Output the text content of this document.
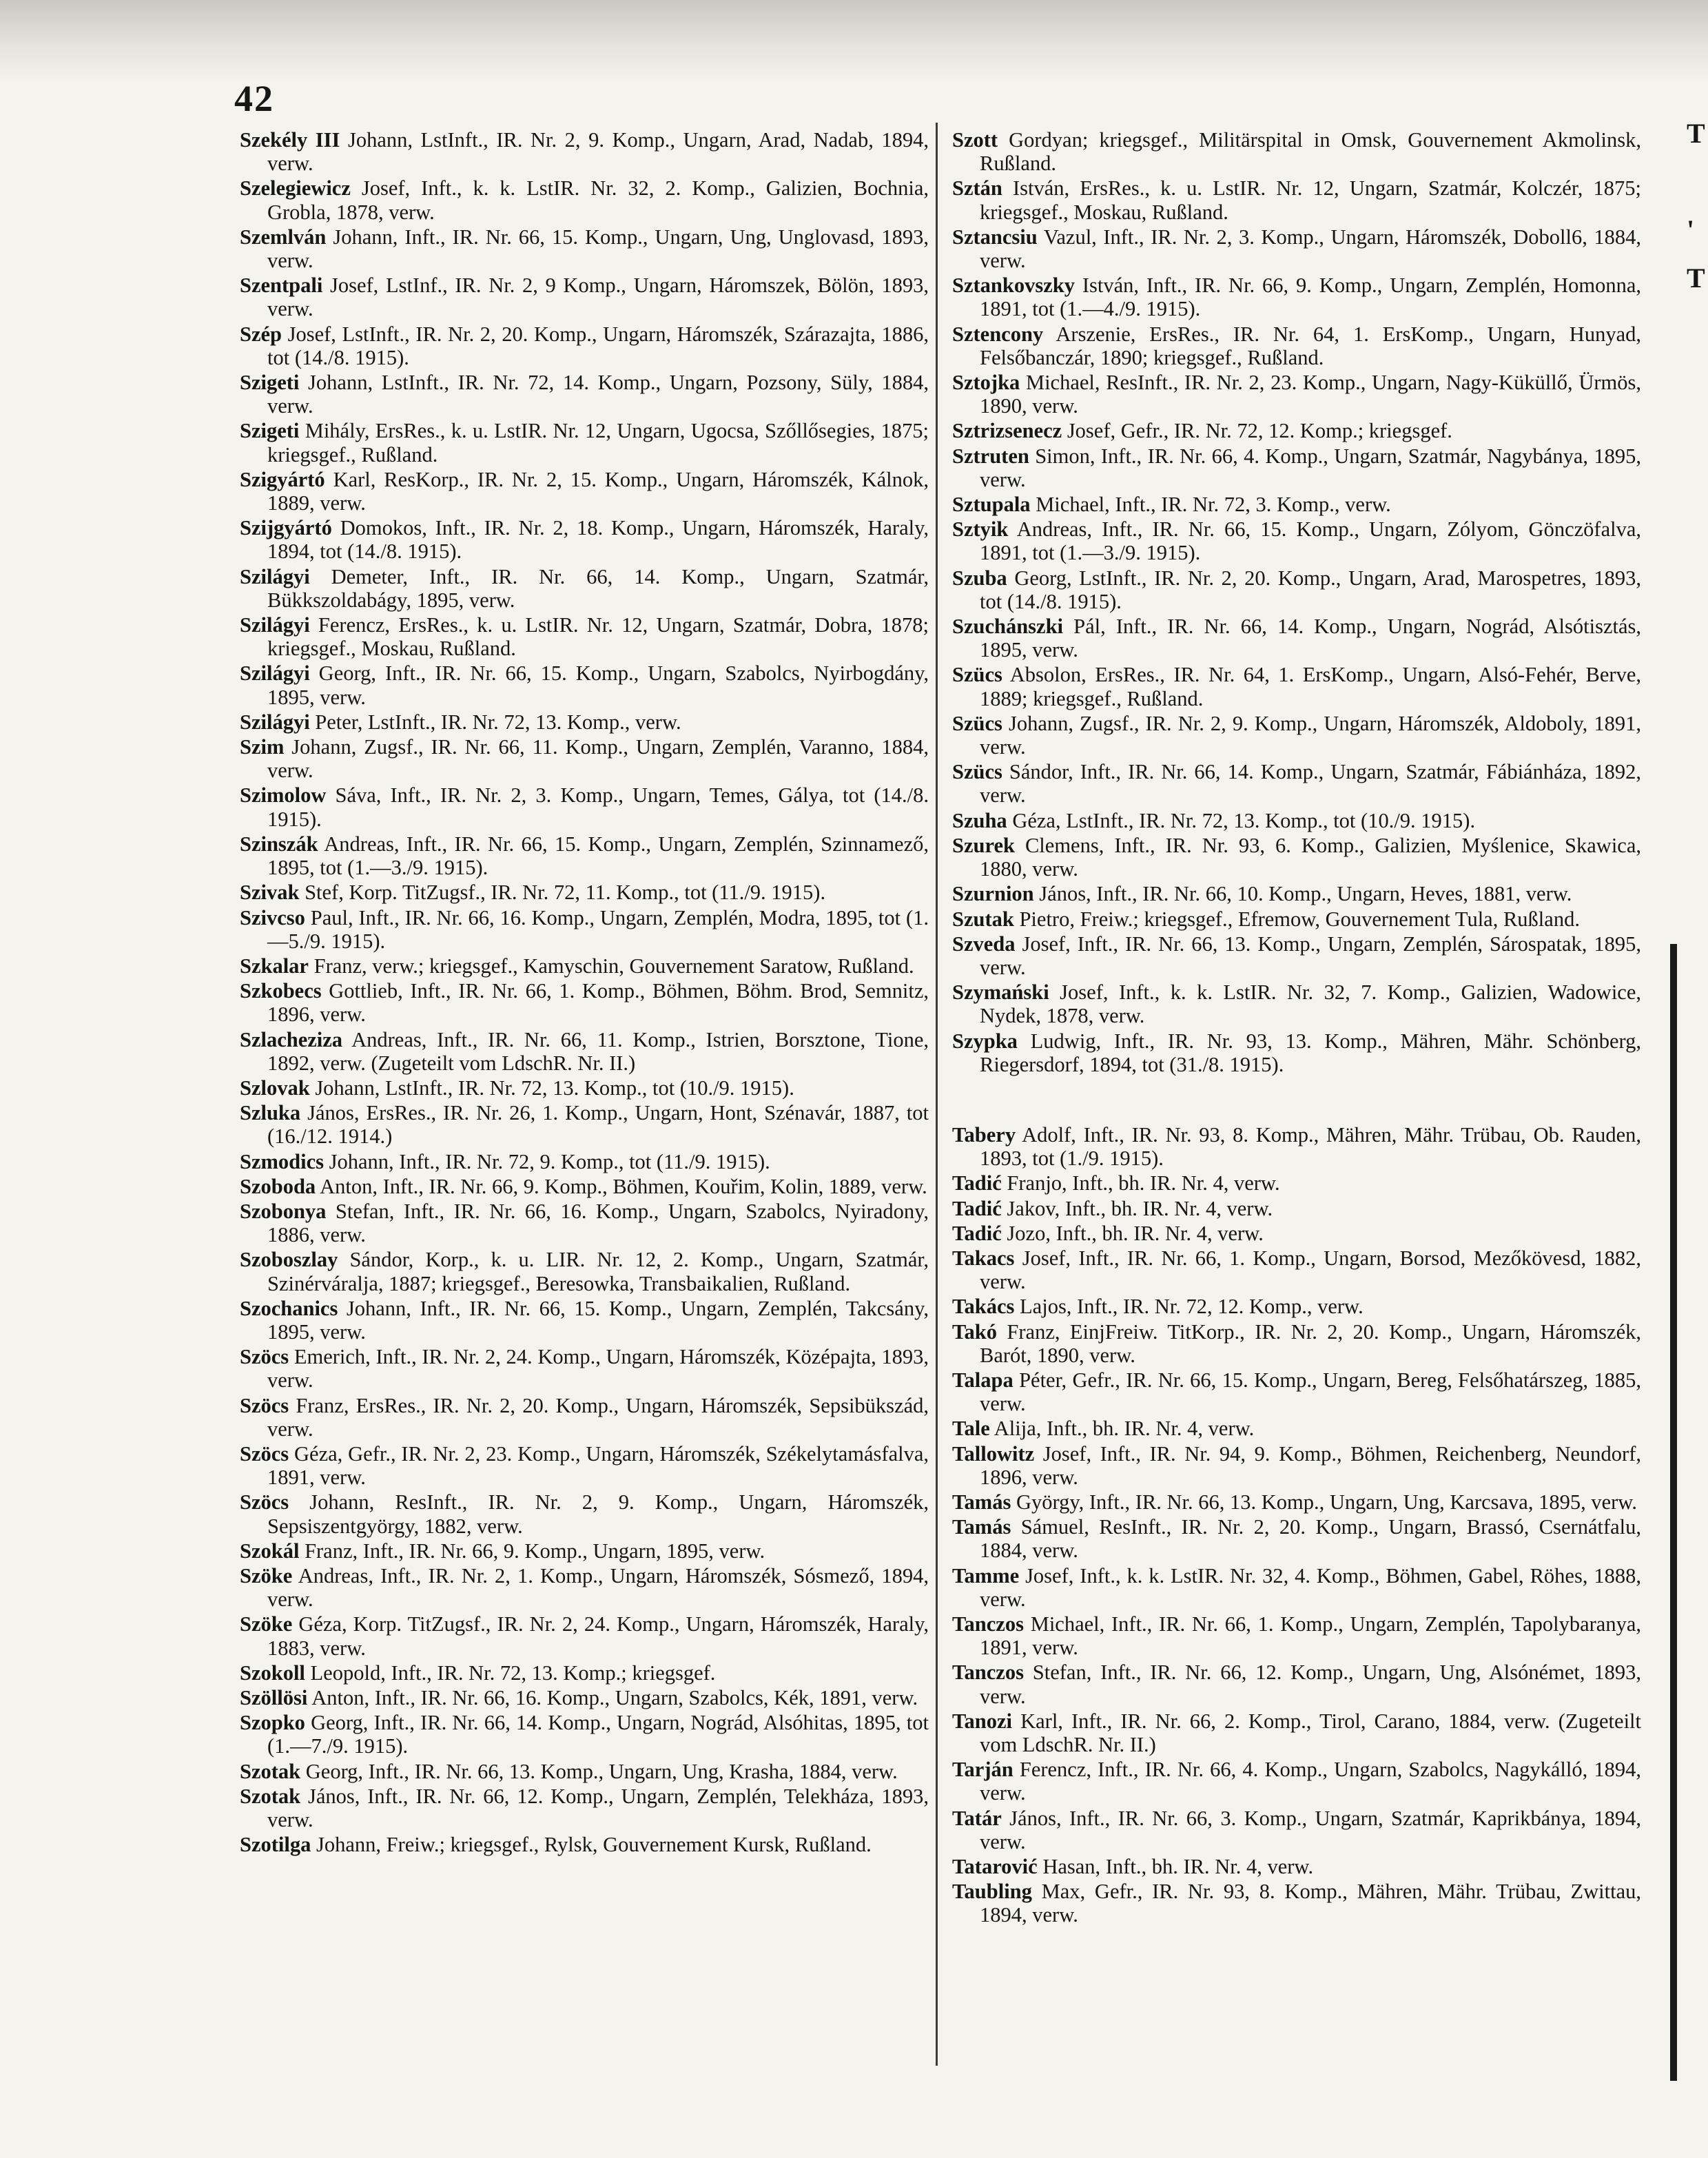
42

Szekély III Johann, LstInft., IR. Nr. 2, 9. Komp., Ungarn, Arad, Nadab, 1894, verw.

Szelegiewicz Josef, Inft., k. k. LstIR. Nr. 32, 2. Komp., Galizien, Bochnia, Grobla, 1878, verw.

Szemlván Johann, Inft., IR. Nr. 66, 15. Komp., Ungarn, Ung, Unglovasd, 1893, verw.

Szentpali Josef, LstInf., IR. Nr. 2, 9 Komp., Ungarn, Háromszek, Bölön, 1893, verw.

Szép Josef, LstInft., IR. Nr. 2, 20. Komp., Ungarn, Háromszék, Szárazajta, 1886, tot (14./8. 1915).

Szigeti Johann, LstInft., IR. Nr. 72, 14. Komp., Ungarn, Pozsony, Süly, 1884, verw.

Szigeti Mihály, ErsRes., k. u. LstIR. Nr. 12, Ungarn, Ugocsa, Szőllősegies, 1875; kriegsgef., Rußland.

Szigyártó Karl, ResKorp., IR. Nr. 2, 15. Komp., Ungarn, Háromszék, Kálnok, 1889, verw.

Szijgyártó Domokos, Inft., IR. Nr. 2, 18. Komp., Ungarn, Háromszék, Haraly, 1894, tot (14./8. 1915).

Szilágyi Demeter, Inft., IR. Nr. 66, 14. Komp., Ungarn, Szatmár, Bükkszoldabágy, 1895, verw.

Szilágyi Ferencz, ErsRes., k. u. LstIR. Nr. 12, Ungarn, Szatmár, Dobra, 1878; kriegsgef., Moskau, Rußland.

Szilágyi Georg, Inft., IR. Nr. 66, 15. Komp., Ungarn, Szabolcs, Nyirbogdány, 1895, verw.

Szilágyi Peter, LstInft., IR. Nr. 72, 13. Komp., verw.

Szim Johann, Zugsf., IR. Nr. 66, 11. Komp., Ungarn, Zemplén, Varanno, 1884, verw.

Szimolow Sáva, Inft., IR. Nr. 2, 3. Komp., Ungarn, Temes, Gálya, tot (14./8. 1915).

Szinszák Andreas, Inft., IR. Nr. 66, 15. Komp., Ungarn, Zemplén, Szinnamező, 1895, tot (1.—3./9. 1915).

Szivak Stef, Korp. TitZugsf., IR. Nr. 72, 11. Komp., tot (11./9. 1915).

Szivcso Paul, Inft., IR. Nr. 66, 16. Komp., Ungarn, Zemplén, Modra, 1895, tot (1.—5./9. 1915).

Szkalar Franz, verw.; kriegsgef., Kamyschin, Gouvernement Saratow, Rußland.

Szkobecs Gottlieb, Inft., IR. Nr. 66, 1. Komp., Böhmen, Böhm. Brod, Semnitz, 1896, verw.

Szlacheziza Andreas, Inft., IR. Nr. 66, 11. Komp., Istrien, Borsztone, Tione, 1892, verw. (Zugeteilt vom LdschR. Nr. II.)

Szlovak Johann, LstInft., IR. Nr. 72, 13. Komp., tot (10./9. 1915).

Szluka János, ErsRes., IR. Nr. 26, 1. Komp., Ungarn, Hont, Szénavár, 1887, tot (16./12. 1914.)

Szmodics Johann, Inft., IR. Nr. 72, 9. Komp., tot (11./9. 1915).

Szoboda Anton, Inft., IR. Nr. 66, 9. Komp., Böhmen, Kouřim, Kolin, 1889, verw.

Szobonya Stefan, Inft., IR. Nr. 66, 16. Komp., Ungarn, Szabolcs, Nyiradony, 1886, verw.

Szoboszlay Sándor, Korp., k. u. LIR. Nr. 12, 2. Komp., Ungarn, Szatmár, Szinérváralja, 1887; kriegsgef., Beresowka, Transbaikalien, Rußland.

Szochanics Johann, Inft., IR. Nr. 66, 15. Komp., Ungarn, Zemplén, Takcsány, 1895, verw.

Szöcs Emerich, Inft., IR. Nr. 2, 24. Komp., Ungarn, Háromszék, Középajta, 1893, verw.

Szöcs Franz, ErsRes., IR. Nr. 2, 20. Komp., Ungarn, Háromszék, Sepsibükszád, verw.

Szöcs Géza, Gefr., IR. Nr. 2, 23. Komp., Ungarn, Háromszék, Székelytamásfalva, 1891, verw.

Szöcs Johann, ResInft., IR. Nr. 2, 9. Komp., Ungarn, Háromszék, Sepsiszentgyörgy, 1882, verw.

Szokál Franz, Inft., IR. Nr. 66, 9. Komp., Ungarn, 1895, verw.

Szöke Andreas, Inft., IR. Nr. 2, 1. Komp., Ungarn, Háromszék, Sósmező, 1894, verw.

Szöke Géza, Korp. TitZugsf., IR. Nr. 2, 24. Komp., Ungarn, Háromszék, Haraly, 1883, verw.

Szokoll Leopold, Inft., IR. Nr. 72, 13. Komp.; kriegsgef.

Szöllösi Anton, Inft., IR. Nr. 66, 16. Komp., Ungarn, Szabolcs, Kék, 1891, verw.

Szopko Georg, Inft., IR. Nr. 66, 14. Komp., Ungarn, Nográd, Alsóhitas, 1895, tot (1.—7./9. 1915).

Szotak Georg, Inft., IR. Nr. 66, 13. Komp., Ungarn, Ung, Krasha, 1884, verw.

Szotak János, Inft., IR. Nr. 66, 12. Komp., Ungarn, Zemplén, Telekháza, 1893, verw.

Szotilga Johann, Freiw.; kriegsgef., Rylsk, Gouvernement Kursk, Rußland.

Szott Gordyan; kriegsgef., Militärspital in Omsk, Gouvernement Akmolinsk, Rußland.

Sztán István, ErsRes., k. u. LstIR. Nr. 12, Ungarn, Szatmár, Kolczér, 1875; kriegsgef., Moskau, Rußland.

Sztancsiu Vazul, Inft., IR. Nr. 2, 3. Komp., Ungarn, Háromszék, Doboll6, 1884, verw.

Sztankovszky István, Inft., IR. Nr. 66, 9. Komp., Ungarn, Zemplén, Homonna, 1891, tot (1.—4./9. 1915).

Sztencony Arszenie, ErsRes., IR. Nr. 64, 1. ErsKomp., Ungarn, Hunyad, Felsőbanczár, 1890; kriegsgef., Rußland.

Sztojka Michael, ResInft., IR. Nr. 2, 23. Komp., Ungarn, Nagy-Küküllő, Ürmös, 1890, verw.

Sztrizsenecz Josef, Gefr., IR. Nr. 72, 12. Komp.; kriegsgef.

Sztruten Simon, Inft., IR. Nr. 66, 4. Komp., Ungarn, Szatmár, Nagybánya, 1895, verw.

Sztupala Michael, Inft., IR. Nr. 72, 3. Komp., verw.

Sztyik Andreas, Inft., IR. Nr. 66, 15. Komp., Ungarn, Zólyom, Gönczöfalva, 1891, tot (1.—3./9. 1915).

Szuba Georg, LstInft., IR. Nr. 2, 20. Komp., Ungarn, Arad, Marospetres, 1893, tot (14./8. 1915).

Szuchánszki Pál, Inft., IR. Nr. 66, 14. Komp., Ungarn, Nográd, Alsótisztás, 1895, verw.

Szücs Absolon, ErsRes., IR. Nr. 64, 1. ErsKomp., Ungarn, Alsó-Fehér, Berve, 1889; kriegsgef., Rußland.

Szücs Johann, Zugsf., IR. Nr. 2, 9. Komp., Ungarn, Háromszék, Aldoboly, 1891, verw.

Szücs Sándor, Inft., IR. Nr. 66, 14. Komp., Ungarn, Szatmár, Fábiánháza, 1892, verw.

Szuha Géza, LstInft., IR. Nr. 72, 13. Komp., tot (10./9. 1915).

Szurek Clemens, Inft., IR. Nr. 93, 6. Komp., Galizien, Myślenice, Skawica, 1880, verw.

Szurnion János, Inft., IR. Nr. 66, 10. Komp., Ungarn, Heves, 1881, verw.

Szutak Pietro, Freiw.; kriegsgef., Efremow, Gouvernement Tula, Rußland.

Szveda Josef, Inft., IR. Nr. 66, 13. Komp., Ungarn, Zemplén, Sárospatak, 1895, verw.

Szymański Josef, Inft., k. k. LstIR. Nr. 32, 7. Komp., Galizien, Wadowice, Nydek, 1878, verw.

Szypka Ludwig, Inft., IR. Nr. 93, 13. Komp., Mähren, Mähr. Schönberg, Riegersdorf, 1894, tot (31./8. 1915).

Tabery Adolf, Inft., IR. Nr. 93, 8. Komp., Mähren, Mähr. Trübau, Ob. Rauden, 1893, tot (1./9. 1915).

Tadić Franjo, Inft., bh. IR. Nr. 4, verw.

Tadić Jakov, Inft., bh. IR. Nr. 4, verw.

Tadić Jozo, Inft., bh. IR. Nr. 4, verw.

Takacs Josef, Inft., IR. Nr. 66, 1. Komp., Ungarn, Borsod, Mezőkövesd, 1882, verw.

Takács Lajos, Inft., IR. Nr. 72, 12. Komp., verw.

Takó Franz, EinjFreiw. TitKorp., IR. Nr. 2, 20. Komp., Ungarn, Háromszék, Barót, 1890, verw.

Talapa Péter, Gefr., IR. Nr. 66, 15. Komp., Ungarn, Bereg, Felsőhatárszeg, 1885, verw.

Tale Alija, Inft., bh. IR. Nr. 4, verw.

Tallowitz Josef, Inft., IR. Nr. 94, 9. Komp., Böhmen, Reichenberg, Neundorf, 1896, verw.

Tamás György, Inft., IR. Nr. 66, 13. Komp., Ungarn, Ung, Karcsava, 1895, verw.

Tamás Sámuel, ResInft., IR. Nr. 2, 20. Komp., Ungarn, Brassó, Csernátfalu, 1884, verw.

Tamme Josef, Inft., k. k. LstIR. Nr. 32, 4. Komp., Böhmen, Gabel, Röhes, 1888, verw.

Tanczos Michael, Inft., IR. Nr. 66, 1. Komp., Ungarn, Zemplén, Tapolybaranya, 1891, verw.

Tanczos Stefan, Inft., IR. Nr. 66, 12. Komp., Ungarn, Ung, Alsónémet, 1893, verw.

Tanozi Karl, Inft., IR. Nr. 66, 2. Komp., Tirol, Carano, 1884, verw. (Zugeteilt vom LdschR. Nr. II.)

Tarján Ferencz, Inft., IR. Nr. 66, 4. Komp., Ungarn, Szabolcs, Nagykálló, 1894, verw.

Tatár János, Inft., IR. Nr. 66, 3. Komp., Ungarn, Szatmár, Kaprikbánya, 1894, verw.

Tatarović Hasan, Inft., bh. IR. Nr. 4, verw.

Taubling Max, Gefr., IR. Nr. 93, 8. Komp., Mähren, Mähr. Trübau, Zwittau, 1894, verw.

T
'
T
